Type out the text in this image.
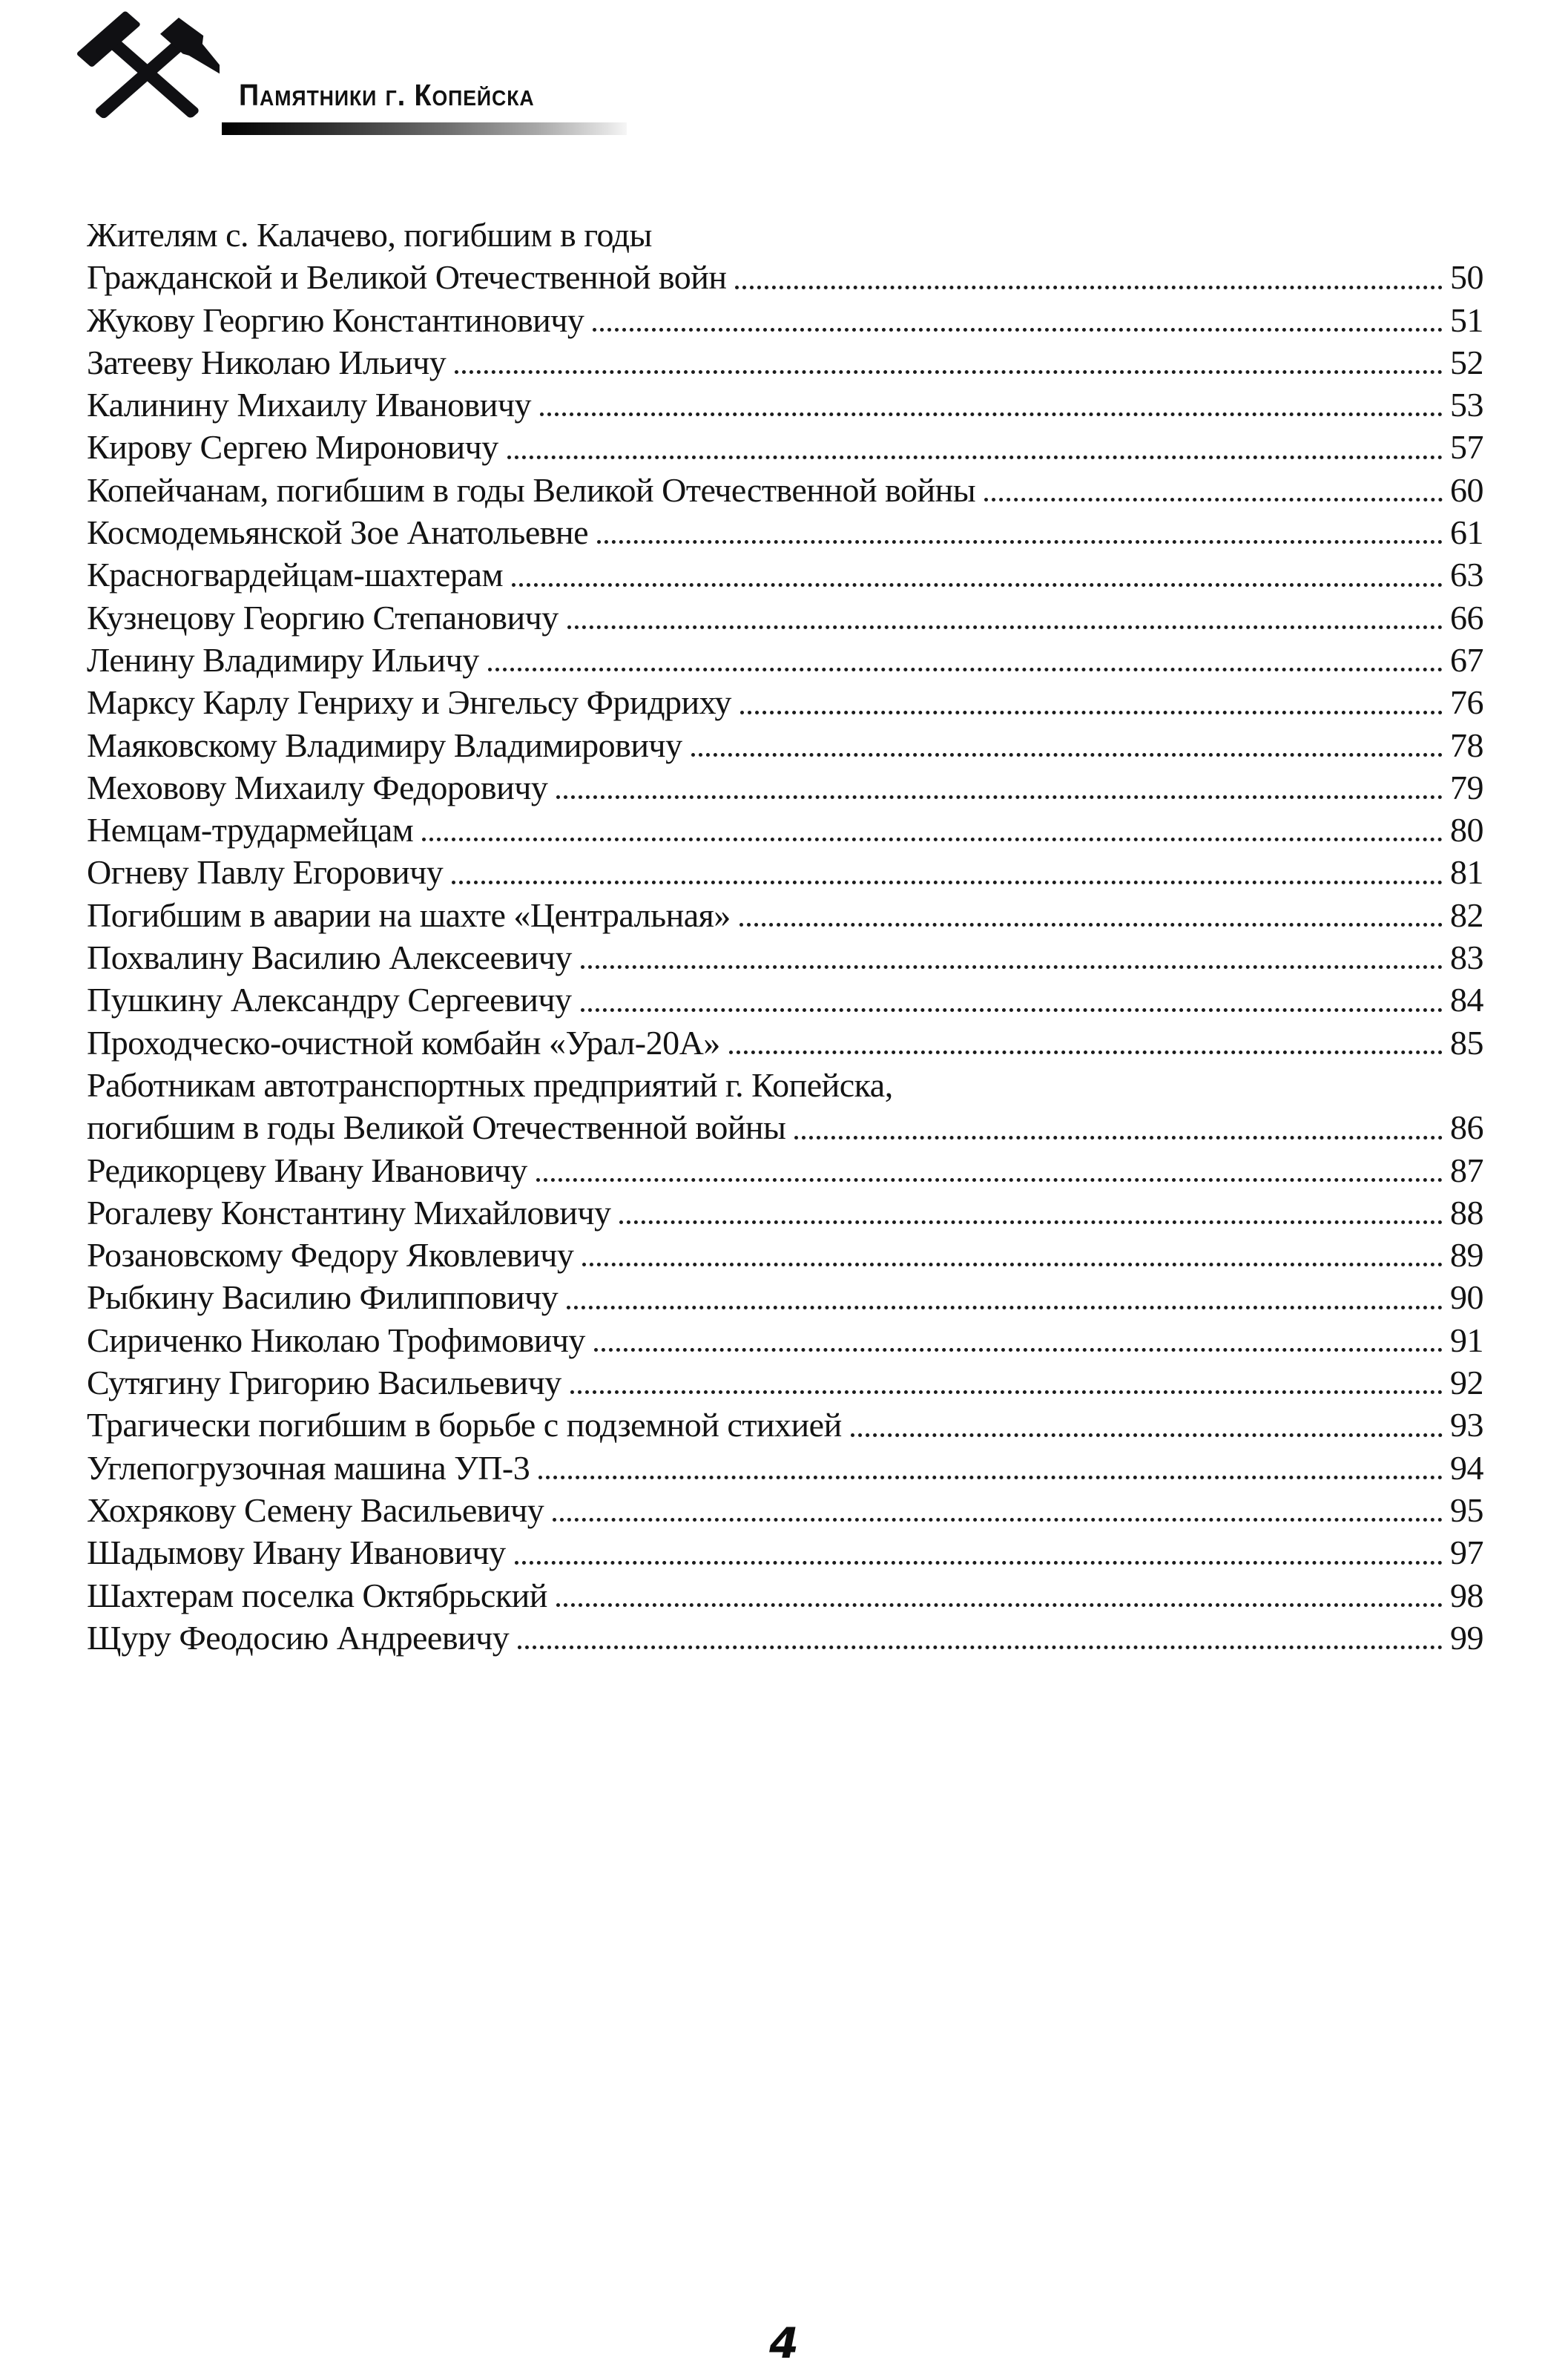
Памятники г. Копейска
Жителям с. Калачево, погибшим в годы
Гражданской и Великой Отечественной войн	50
Жукову Георгию Константиновичу	51
Затееву Николаю Ильичу	52
Калинину Михаилу Ивановичу	53
Кирову Сергею Мироновичу	57
Копейчанам, погибшим в годы Великой Отечественной войны	60
Космодемьянской Зое Анатольевне	61
Красногвардейцам-шахтерам	63
Кузнецову Георгию Степановичу	66
Ленину Владимиру Ильичу	67
Марксу Карлу Генриху и Энгельсу Фридриху	76
Маяковскому Владимиру Владимировичу	78
Меховову Михаилу Федоровичу	79
Немцам-трудармейцам	80
Огневу Павлу Егоровичу	81
Погибшим в аварии на шахте «Центральная»	82
Похвалину Василию Алексеевичу	83
Пушкину Александру Сергеевичу	84
Проходческо-очистной комбайн «Урал-20А»	85
Работникам автотранспортных предприятий г. Копейска,
погибшим в годы Великой Отечественной войны	86
Редикорцеву Ивану Ивановичу	87
Рогалеву Константину Михайловичу	88
Розановскому Федору Яковлевичу	89
Рыбкину Василию Филипповичу	90
Сириченко Николаю Трофимовичу	91
Сутягину Григорию Васильевичу	92
Трагически погибшим в борьбе с подземной стихией	93
Углепогрузочная машина УП-3	94
Хохрякову Семену Васильевичу	95
Шадымову Ивану Ивановичу	97
Шахтерам поселка Октябрьский	98
Щуру Феодосию Андреевичу	99
4
